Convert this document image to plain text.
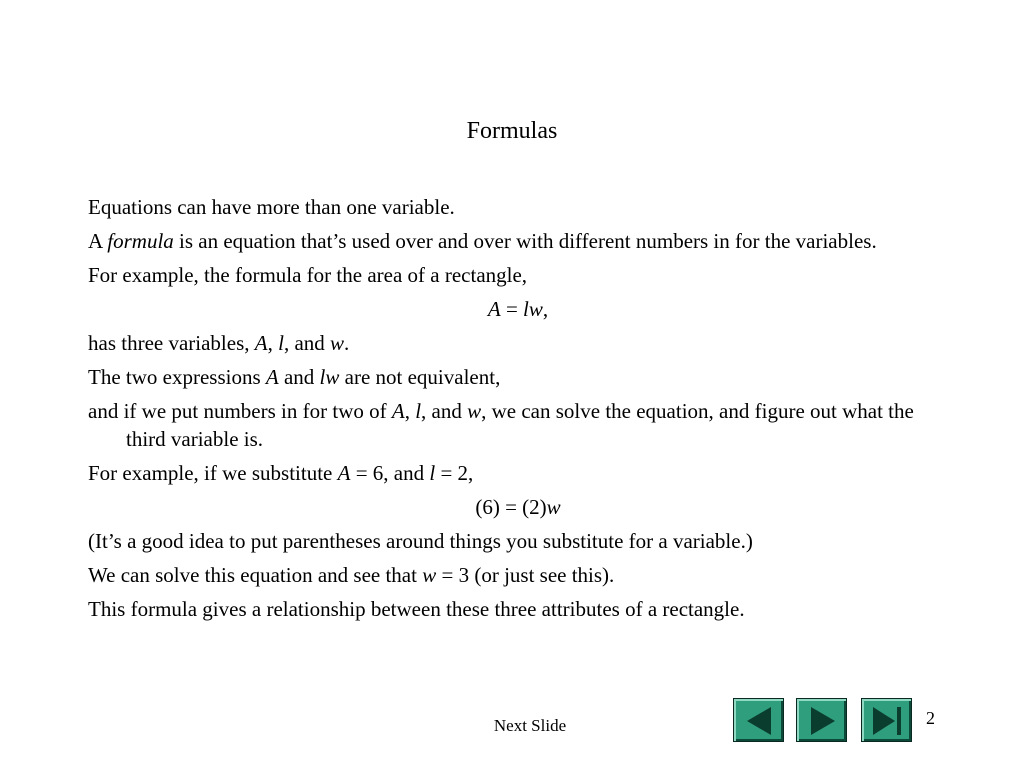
Formulas

Equations can have more than one variable.

A formula is an equation that’s used over and over with different numbers in for the variables.

For example, the formula for the area of a rectangle,

A = lw,

has three variables, A, l, and w.

The two expressions A and lw are not equivalent,

and if we put numbers in for two of A, l, and w, we can solve the equation, and figure out what the third variable is.

For example, if we substitute A = 6, and l = 2,

(6) = (2)w

(It’s a good idea to put parentheses around things you substitute for a variable.)

We can solve this equation and see that w = 3 (or just see this).

This formula gives a relationship between these three attributes of a rectangle.

Next Slide	2
